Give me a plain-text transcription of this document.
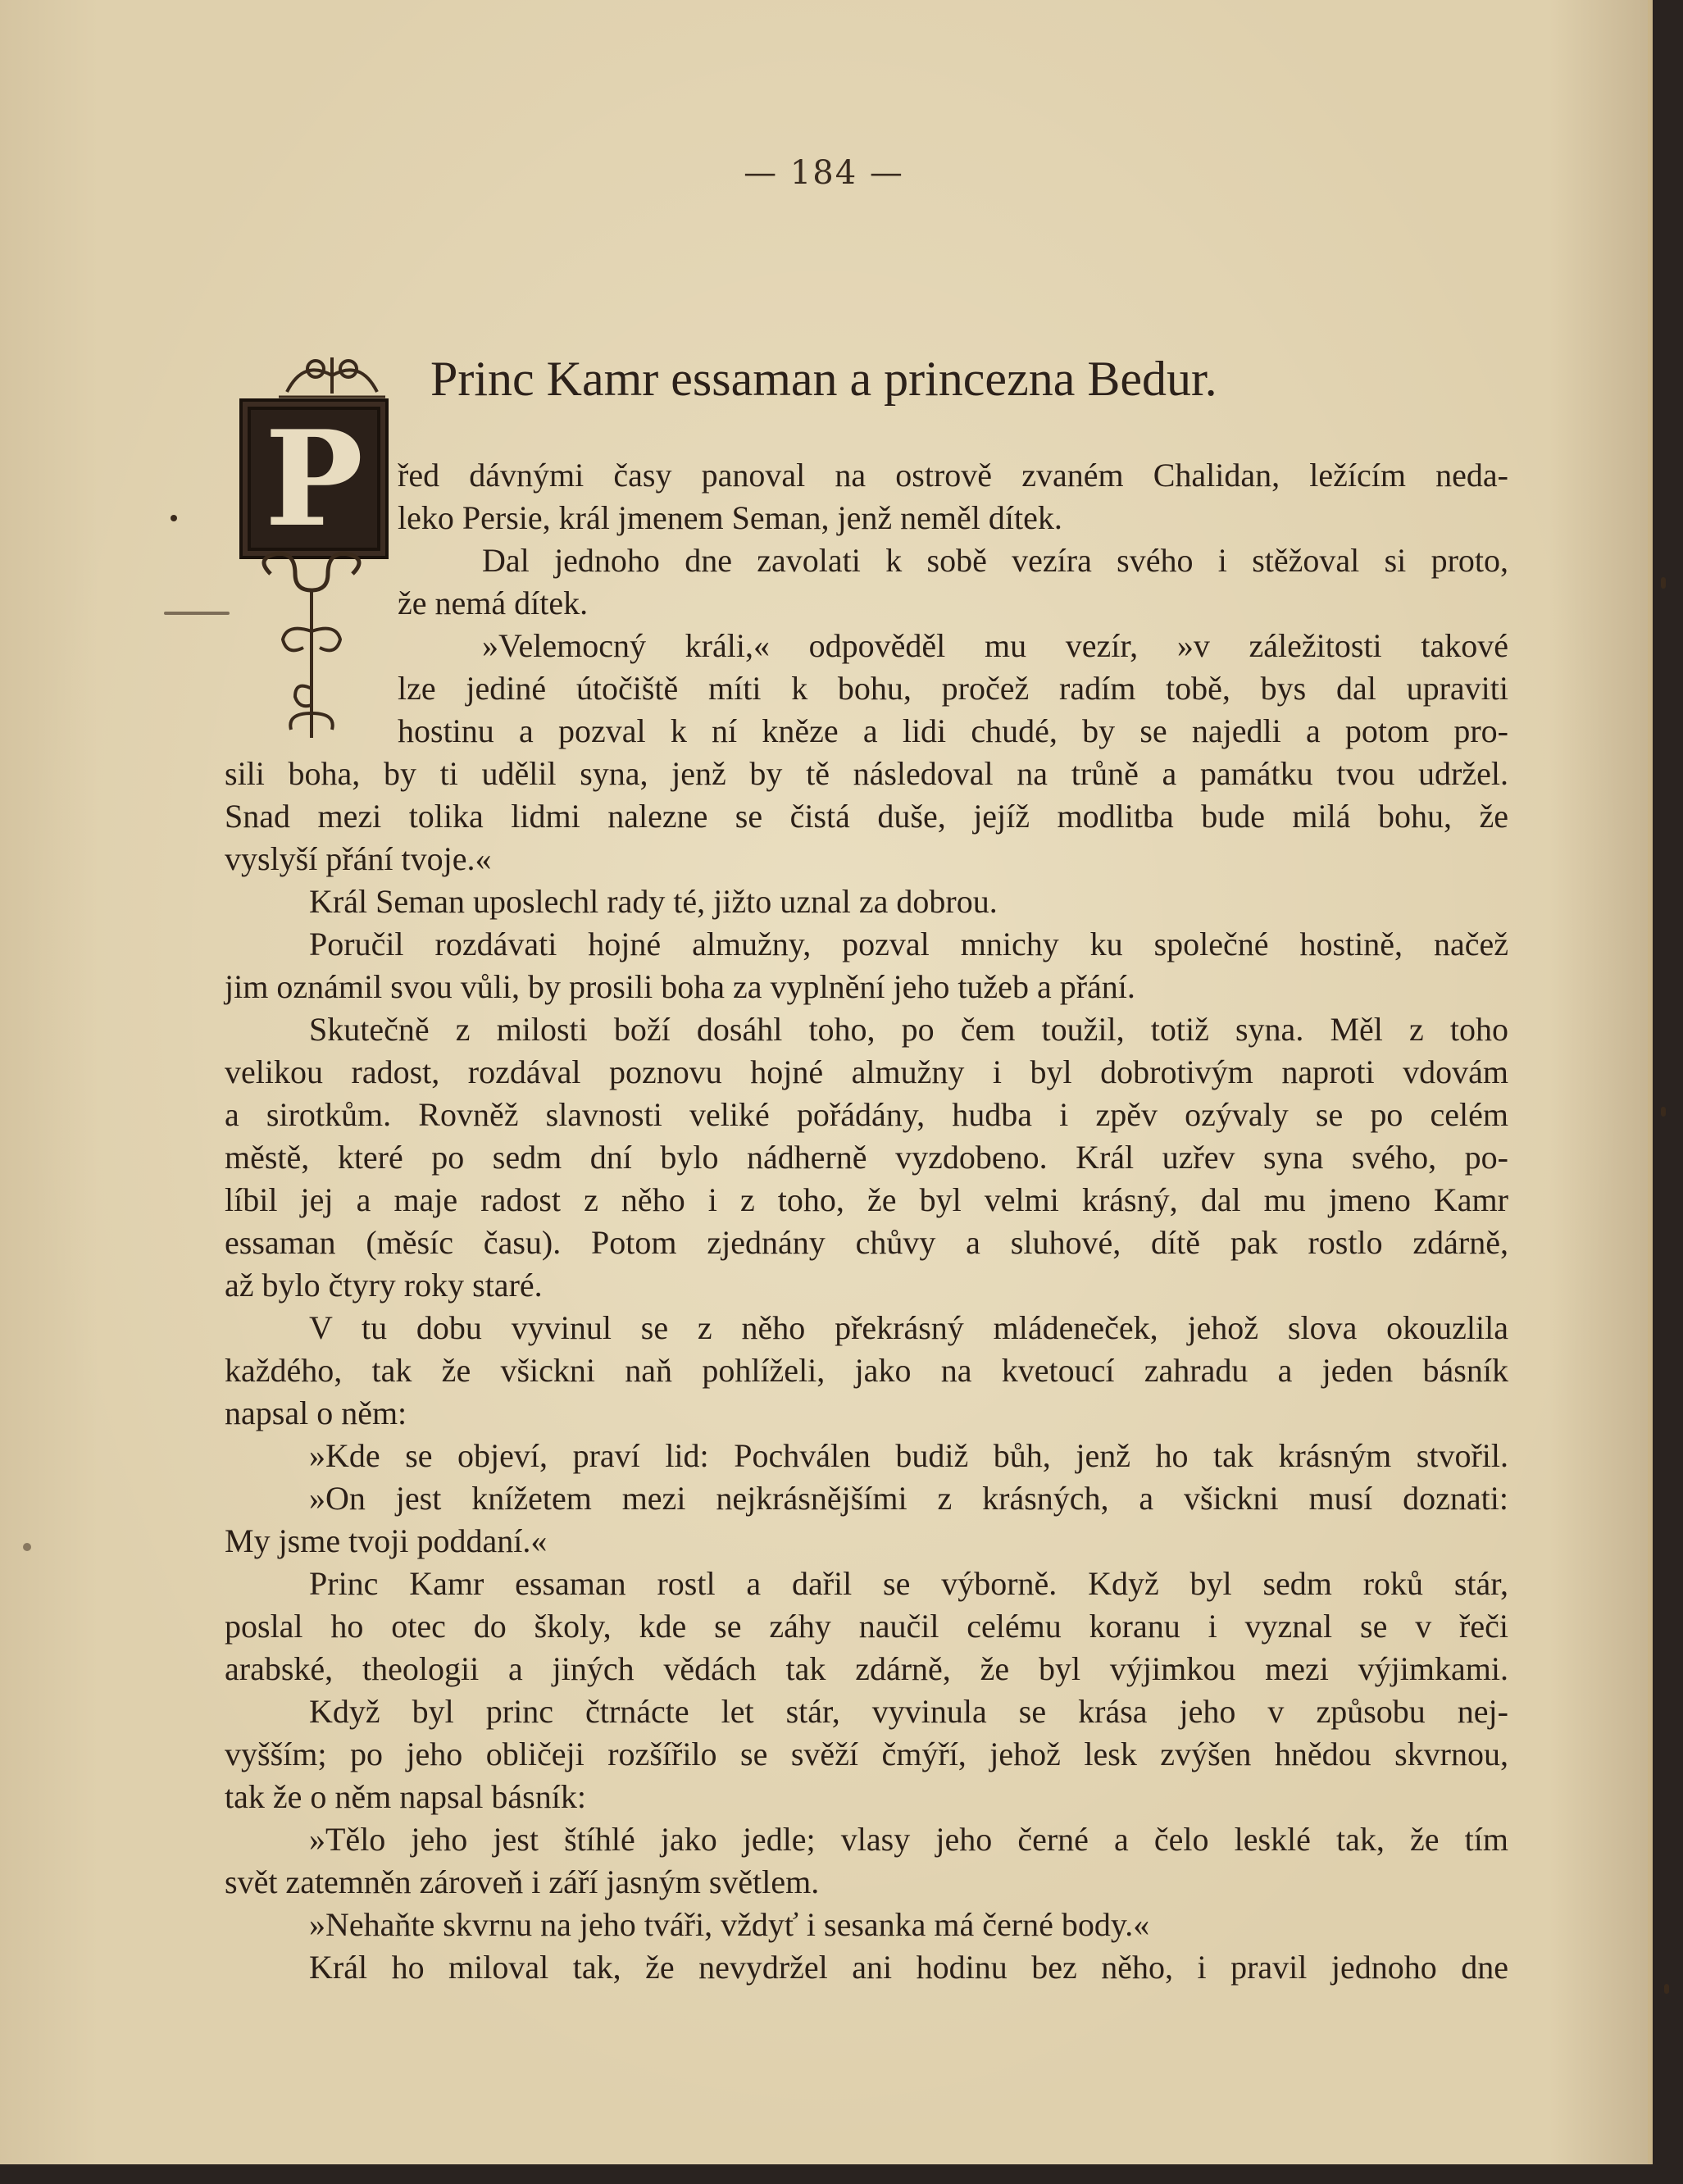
— 184 —
Princ Kamr essaman a princezna Bedur.
P	řed dávnými časy panoval na ostrově zvaném Chalidan, ležícím neda-
leko Persie, král jmenem Seman, jenž neměl dítek.
Dal jednoho dne zavolati k sobě vezíra svého i stěžoval si proto,
že nemá dítek.
»Velemocný králi,« odpověděl mu vezír, »v záležitosti takové
lze jediné útočiště míti k bohu, pročež radím tobě, bys dal upraviti
hostinu a pozval k ní kněze a lidi chudé, by se najedli a potom pro-
sili boha, by ti udělil syna, jenž by tě následoval na trůně a památku tvou udržel.
Snad mezi tolika lidmi nalezne se čistá duše, jejíž modlitba bude milá bohu, že
vyslyší přání tvoje.«
Král Seman uposlechl rady té, jižto uznal za dobrou.
Poručil rozdávati hojné almužny, pozval mnichy ku společné hostině, načež
jim oznámil svou vůli, by prosili boha za vyplnění jeho tužeb a přání.
Skutečně z milosti boží dosáhl toho, po čem toužil, totiž syna. Měl z toho
velikou radost, rozdával poznovu hojné almužny i byl dobrotivým naproti vdovám
a sirotkům. Rovněž slavnosti veliké pořádány, hudba i zpěv ozývaly se po celém
městě, které po sedm dní bylo nádherně vyzdobeno. Král uzřev syna svého, po-
líbil jej a maje radost z něho i z toho, že byl velmi krásný, dal mu jmeno Kamr
essaman (měsíc času). Potom zjednány chůvy a sluhové, dítě pak rostlo zdárně,
až bylo čtyry roky staré.
V tu dobu vyvinul se z něho překrásný mládeneček, jehož slova okouzlila
každého, tak že všickni naň pohlíželi, jako na kvetoucí zahradu a jeden básník
napsal o něm:
»Kde se objeví, praví lid: Pochválen budiž bůh, jenž ho tak krásným stvořil.
»On jest knížetem mezi nejkrásnějšími z krásných, a všickni musí doznati:
My jsme tvoji poddaní.«
Princ Kamr essaman rostl a dařil se výborně. Když byl sedm roků stár,
poslal ho otec do školy, kde se záhy naučil celému koranu i vyznal se v řeči
arabské, theologii a jiných vědách tak zdárně, že byl výjimkou mezi výjimkami.
Když byl princ čtrnácte let stár, vyvinula se krása jeho v způsobu nej-
vyšším; po jeho obličeji rozšířilo se svěží čmýří, jehož lesk zvýšen hnědou skvrnou,
tak že o něm napsal básník:
»Tělo jeho jest štíhlé jako jedle; vlasy jeho černé a čelo lesklé tak, že tím
svět zatemněn zároveň i září jasným světlem.
»Nehaňte skvrnu na jeho tváři, vždyť i sesanka má černé body.«
Král ho miloval tak, že nevydržel ani hodinu bez něho, i pravil jednoho dne
